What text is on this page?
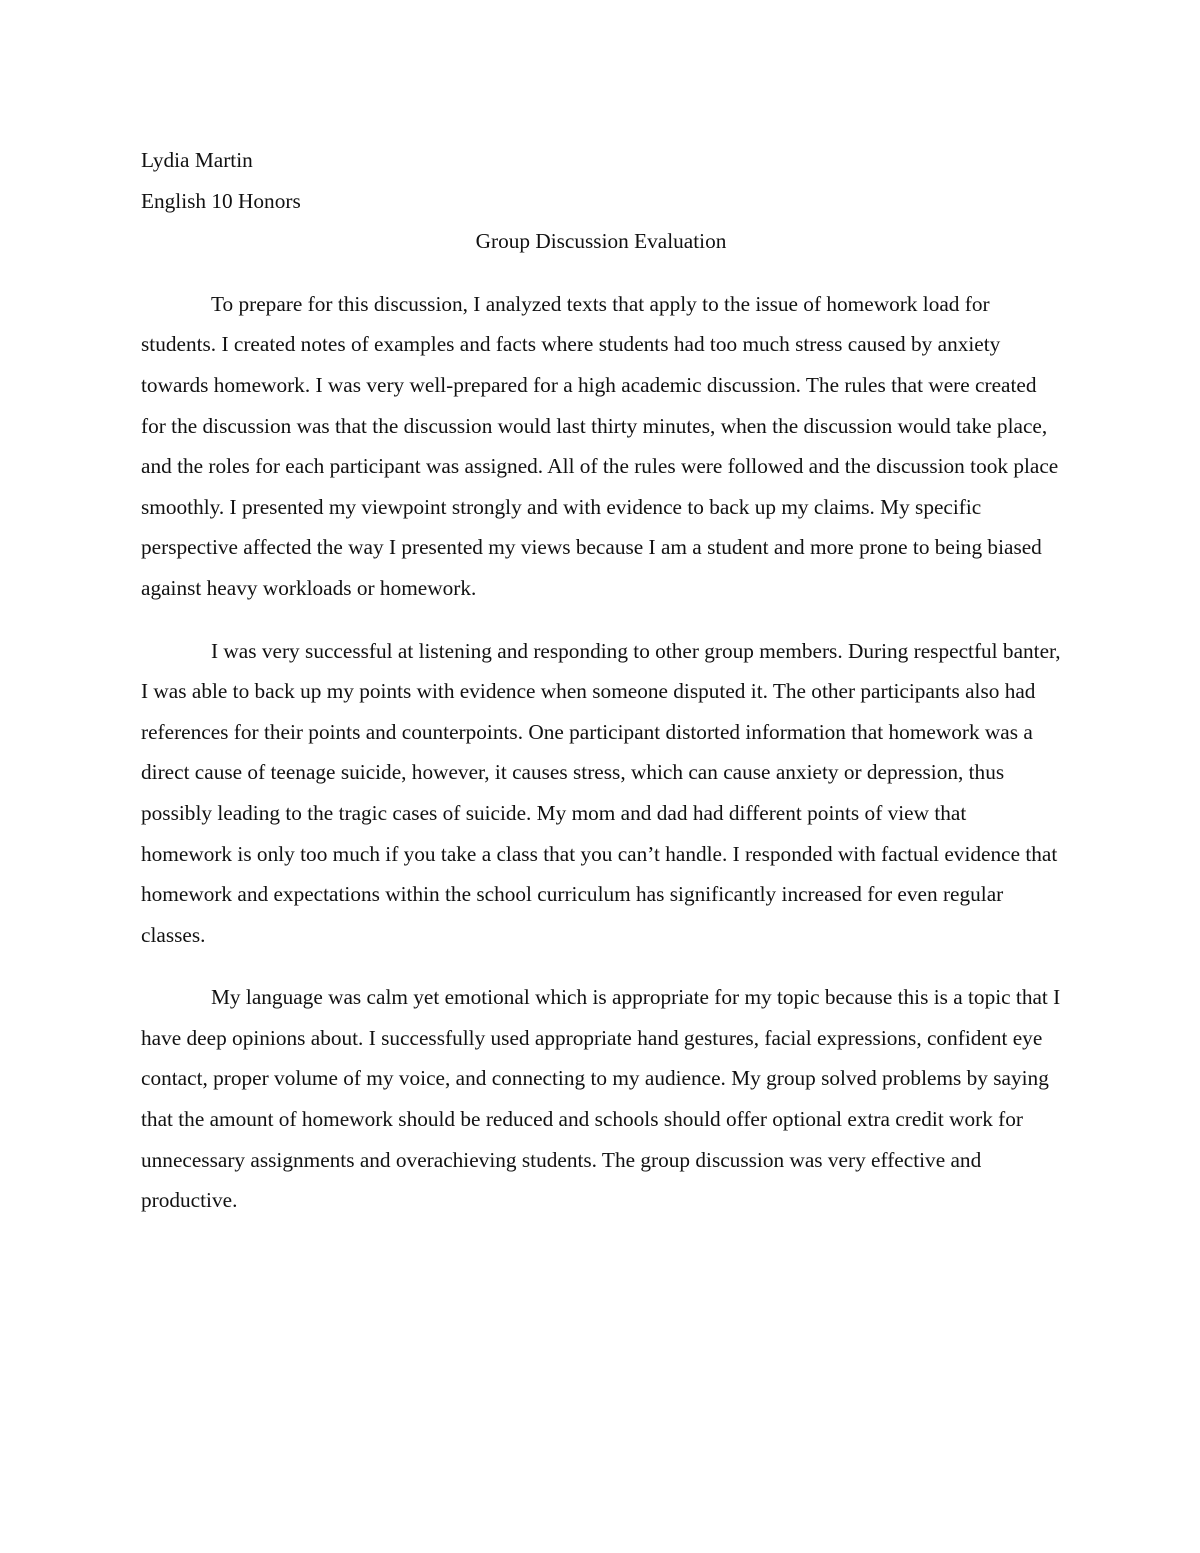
Lydia Martin

English 10 Honors

Group Discussion Evaluation

To prepare for this discussion, I analyzed texts that apply to the issue of homework load for students. I created notes of examples and facts where students had too much stress caused by anxiety towards homework. I was very well-prepared for a high academic discussion. The rules that were created for the discussion was that the discussion would last thirty minutes, when the discussion would take place, and the roles for each participant was assigned. All of the rules were followed and the discussion took place smoothly. I presented my viewpoint strongly and with evidence to back up my claims. My specific perspective affected the way I presented my views because I am a student and more prone to being biased against heavy workloads or homework.

I was very successful at listening and responding to other group members. During respectful banter, I was able to back up my points with evidence when someone disputed it. The other participants also had references for their points and counterpoints. One participant distorted information that homework was a direct cause of teenage suicide, however, it causes stress, which can cause anxiety or depression, thus possibly leading to the tragic cases of suicide. My mom and dad had different points of view that homework is only too much if you take a class that you can’t handle. I responded with factual evidence that homework and expectations within the school curriculum has significantly increased for even regular classes.

My language was calm yet emotional which is appropriate for my topic because this is a topic that I have deep opinions about. I successfully used appropriate hand gestures, facial expressions, confident eye contact, proper volume of my voice, and connecting to my audience. My group solved problems by saying that the amount of homework should be reduced and schools should offer optional extra credit work for unnecessary assignments and overachieving students. The group discussion was very effective and productive.
